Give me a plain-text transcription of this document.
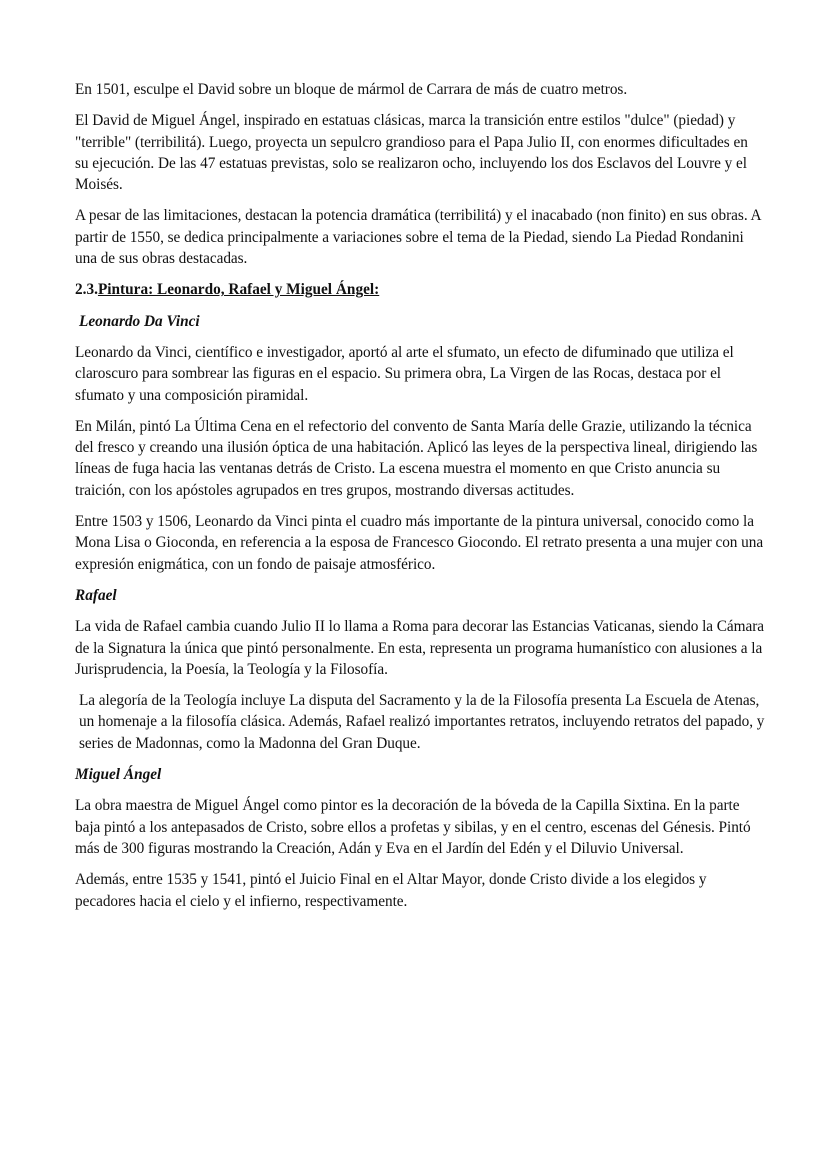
En 1501, esculpe el David sobre un bloque de mármol de Carrara de más de cuatro metros.

El David de Miguel Ángel, inspirado en estatuas clásicas, marca la transición entre estilos "dulce" (piedad) y "terrible" (terribilitá). Luego, proyecta un sepulcro grandioso para el Papa Julio II, con enormes dificultades en su ejecución. De las 47 estatuas previstas, solo se realizaron ocho, incluyendo los dos Esclavos del Louvre y el Moisés.

A pesar de las limitaciones, destacan la potencia dramática (terribilitá) y el inacabado (non finito) en sus obras. A partir de 1550, se dedica principalmente a variaciones sobre el tema de la Piedad, siendo La Piedad Rondanini una de sus obras destacadas.

2.3.Pintura: Leonardo, Rafael y Miguel Ángel:
Leonardo Da Vinci

Leonardo da Vinci, científico e investigador, aportó al arte el sfumato, un efecto de difuminado que utiliza el claroscuro para sombrear las figuras en el espacio. Su primera obra, La Virgen de las Rocas, destaca por el sfumato y una composición piramidal.

En Milán, pintó La Última Cena en el refectorio del convento de Santa María delle Grazie, utilizando la técnica del fresco y creando una ilusión óptica de una habitación. Aplicó las leyes de la perspectiva lineal, dirigiendo las líneas de fuga hacia las ventanas detrás de Cristo. La escena muestra el momento en que Cristo anuncia su traición, con los apóstoles agrupados en tres grupos, mostrando diversas actitudes.

Entre 1503 y 1506, Leonardo da Vinci pinta el cuadro más importante de la pintura universal, conocido como la Mona Lisa o Gioconda, en referencia a la esposa de Francesco Giocondo. El retrato presenta a una mujer con una expresión enigmática, con un fondo de paisaje atmosférico.

Rafael

La vida de Rafael cambia cuando Julio II lo llama a Roma para decorar las Estancias Vaticanas, siendo la Cámara de la Signatura la única que pintó personalmente. En esta, representa un programa humanístico con alusiones a la Jurisprudencia, la Poesía, la Teología y la Filosofía.

La alegoría de la Teología incluye La disputa del Sacramento y la de la Filosofía presenta La Escuela de Atenas, un homenaje a la filosofía clásica. Además, Rafael realizó importantes retratos, incluyendo retratos del papado, y series de Madonnas, como la Madonna del Gran Duque.

Miguel Ángel

La obra maestra de Miguel Ángel como pintor es la decoración de la bóveda de la Capilla Sixtina. En la parte baja pintó a los antepasados de Cristo, sobre ellos a profetas y sibilas, y en el centro, escenas del Génesis. Pintó más de 300 figuras mostrando la Creación, Adán y Eva en el Jardín del Edén y el Diluvio Universal.

Además, entre 1535 y 1541, pintó el Juicio Final en el Altar Mayor, donde Cristo divide a los elegidos y pecadores hacia el cielo y el infierno, respectivamente.
